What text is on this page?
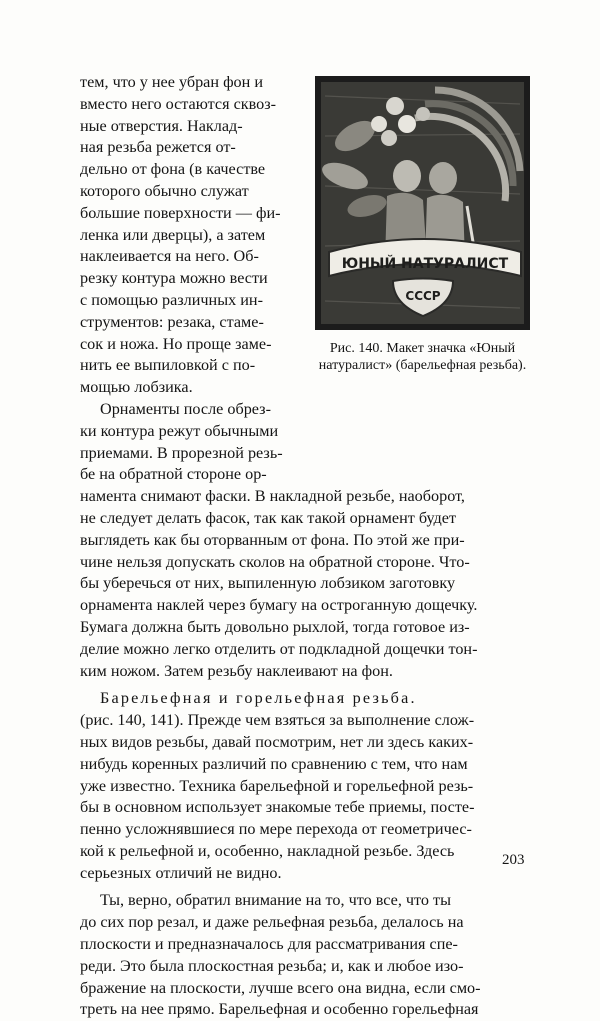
ЮНЫЙ НАТУРАЛИСТ
СССР
Рис. 140. Макет значка «Юный натуралист» (барельефная резьба).
тем, что у нее убран фон и
вместо него остаются сквоз-
ные отверстия. Наклад-
ная резьба режется от-
дельно от фона (в качестве
которого обычно служат
большие поверхности — фи-
ленка или дверцы), а затем
наклеивается на него. Об-
резку контура можно вести
с помощью различных ин-
струментов: резака, стаме-
сок и ножа. Но проще заме-
нить ее выпиловкой с по-
мощью лобзика.
Орнаменты после обрез-
ки контура режут обычными
приемами. В прорезной резь-
бе на обратной стороне ор-
намента снимают фаски. В накладной резьбе, наоборот,
не следует делать фасок, так как такой орнамент будет
выглядеть как бы оторванным от фона. По этой же при-
чине нельзя допускать сколов на обратной стороне. Что-
бы уберечься от них, выпиленную лобзиком заготовку
орнамента наклей через бумагу на остроганную дощечку.
Бумага должна быть довольно рыхлой, тогда готовое из-
делие можно легко отделить от подкладной дощечки тон-
ким ножом. Затем резьбу наклеивают на фон.
Барельефная и горельефная резьба.
(рис. 140, 141). Прежде чем взяться за выполнение слож-
ных видов резьбы, давай посмотрим, нет ли здесь каких-
нибудь коренных различий по сравнению с тем, что нам
уже известно. Техника барельефной и горельефной резь-
бы в основном использует знакомые тебе приемы, посте-
пенно усложнявшиеся по мере перехода от геометричес-
кой к рельефной и, особенно, накладной резьбе. Здесь
серьезных отличий не видно.
Ты, верно, обратил внимание на то, что все, что ты
до сих пор резал, и даже рельефная резьба, делалось на
плоскости и предназначалось для рассматривания спе-
реди. Это была плоскостная резьба; и, как и любое изо-
бражение на плоскости, лучше всего она видна, если смо-
треть на нее прямо. Барельефная и особенно горельефная
203
